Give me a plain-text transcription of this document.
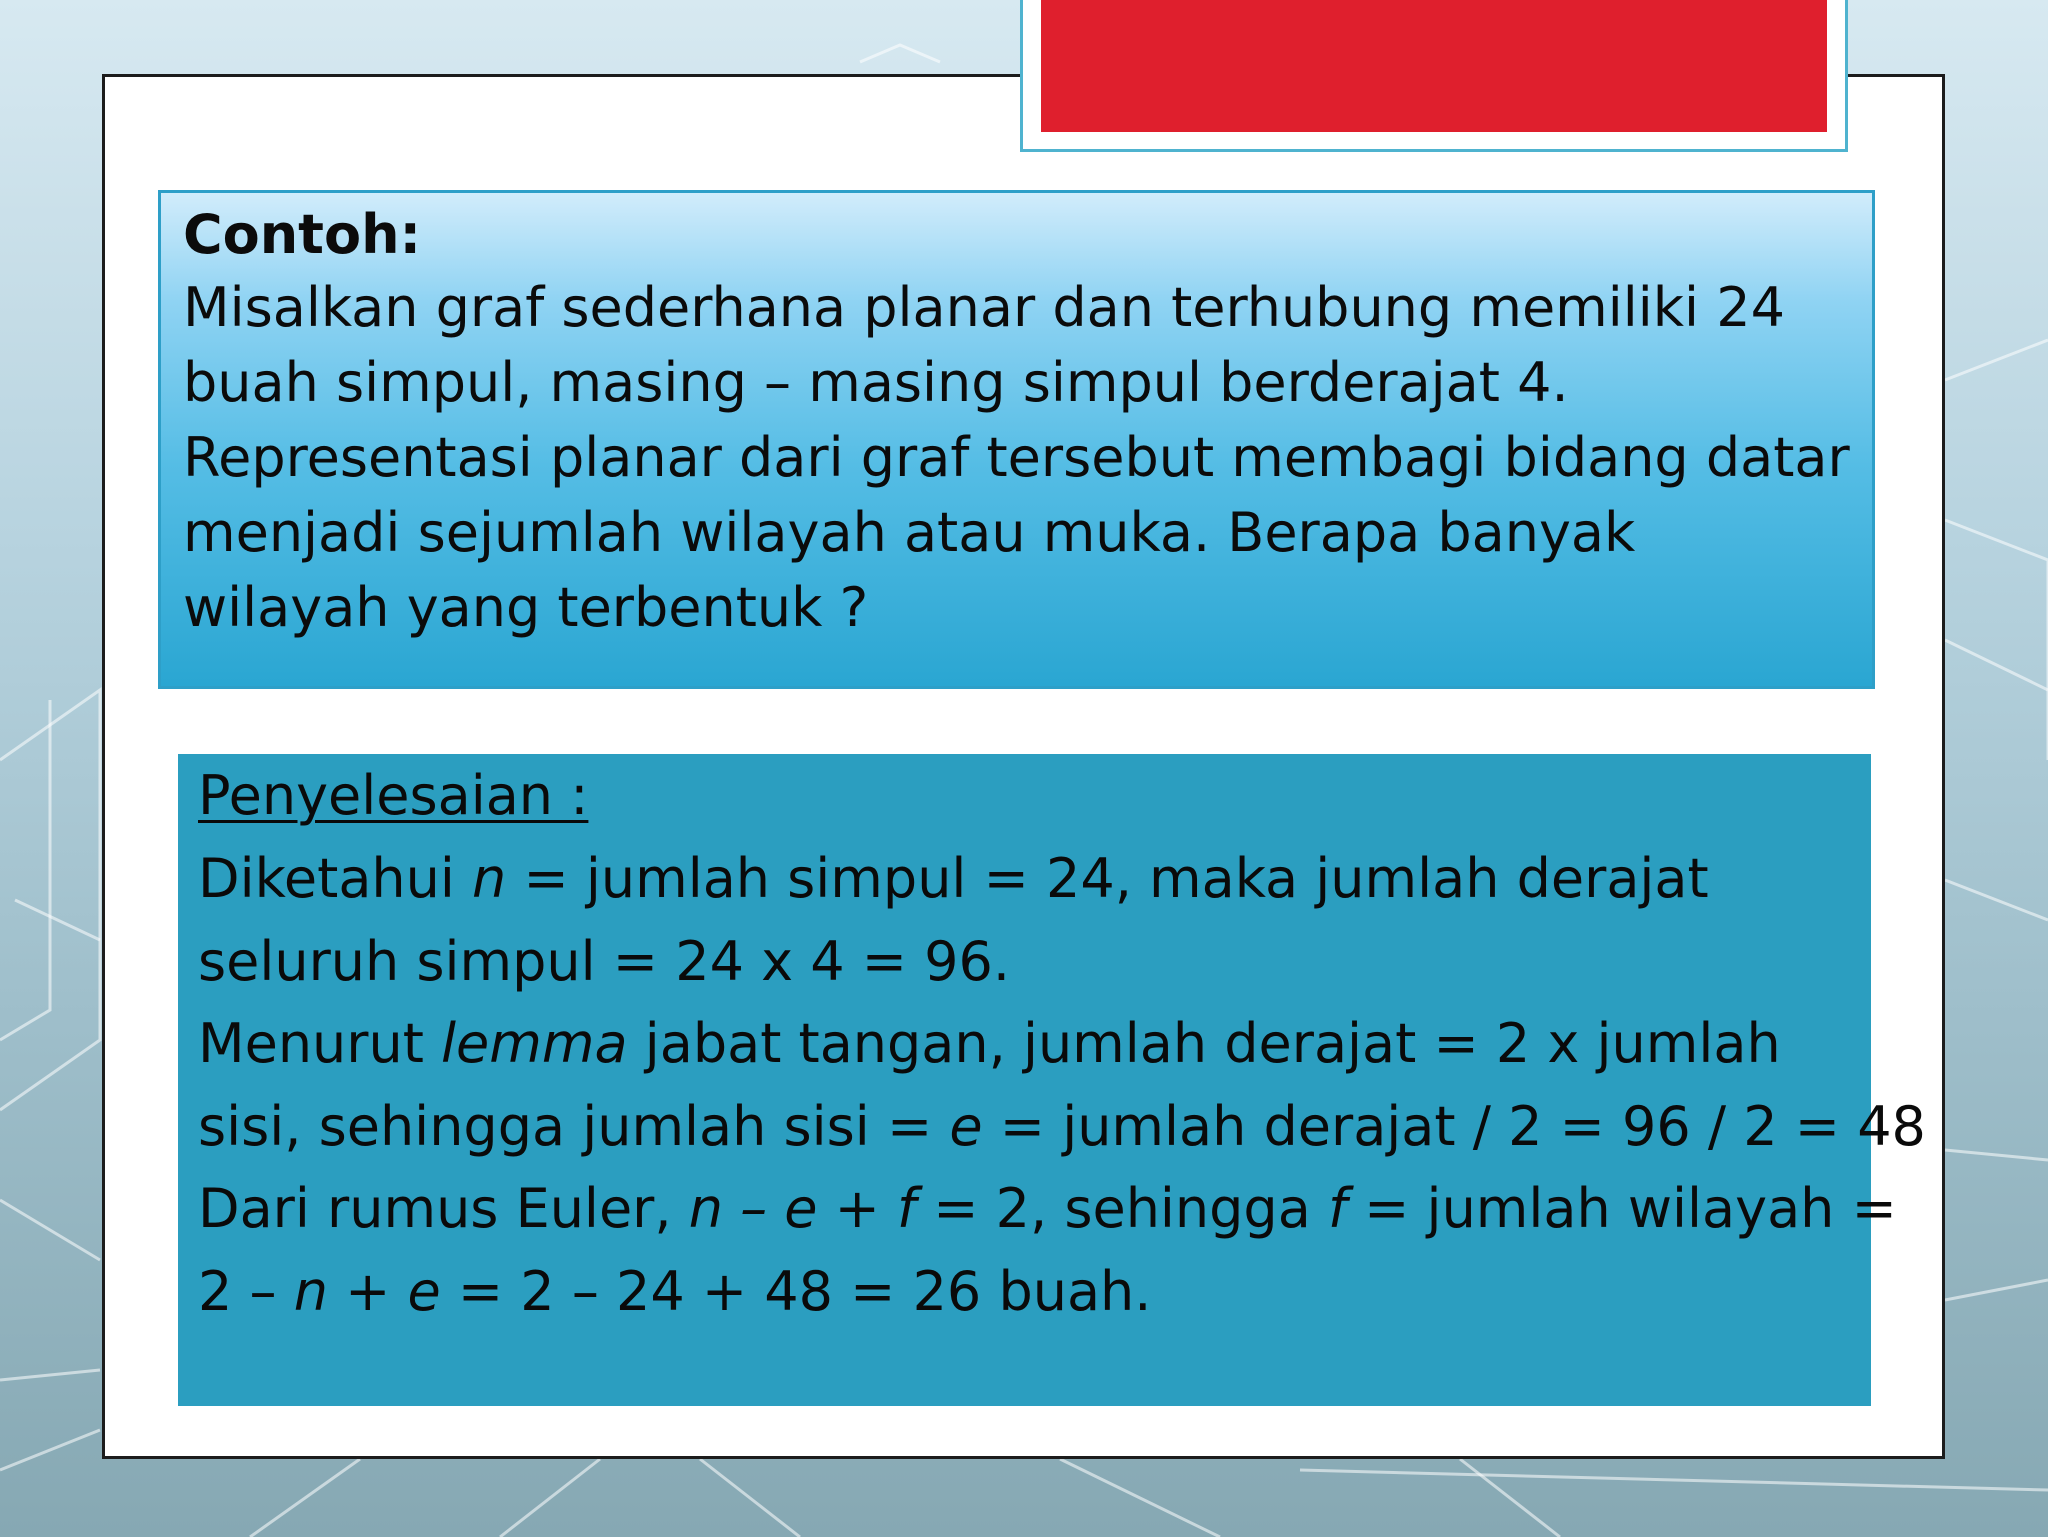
Contoh:

Misalkan graf sederhana planar dan terhubung memiliki 24 buah simpul, masing – masing simpul berderajat 4. Representasi planar dari graf tersebut membagi bidang datar menjadi sejumlah wilayah atau muka. Berapa banyak wilayah yang terbentuk ?

Penyelesaian :

Diketahui n = jumlah simpul = 24, maka jumlah derajat

seluruh simpul = 24 x 4 = 96.

Menurut lemma jabat tangan, jumlah derajat = 2 x jumlah

sisi, sehingga jumlah sisi = e = jumlah derajat / 2 = 96 / 2 = 48

Dari rumus Euler, n – e + f = 2, sehingga f = jumlah wilayah =

2 – n + e = 2 – 24 + 48 = 26 buah.
